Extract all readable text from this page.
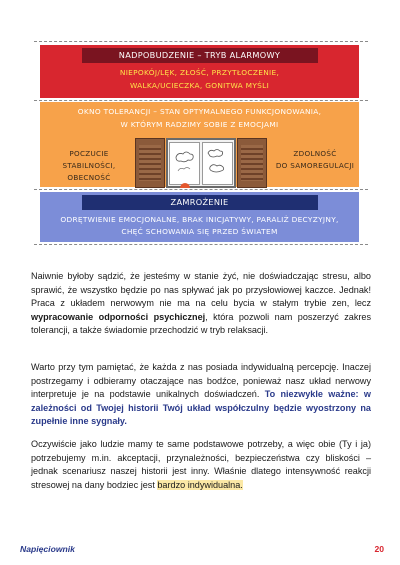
NADPOBUDZENIE – TRYB ALARMOWY
NIEPOKÓJ/LĘK, ZŁOŚĆ, PRZYTŁOCZENIE,
WALKA/UCIECZKA, GONITWA MYŚLI
OKNO TOLERANCJI – STAN OPTYMALNEGO FUNKCJONOWANIA,
W KTÓRYM RADZIMY SOBIE Z EMOCJAMI
POCZUCIE STABILNOŚCI,
OBECNOŚĆ
ZDOLNOŚĆ
DO SAMOREGULACJI
ZAMROŻENIE
ODRĘTWIENIE EMOCJONALNE, BRAK INICJATYWY, PARALIŻ DECYZYJNY,
CHĘĆ SCHOWANIA SIĘ PRZED ŚWIATEM
Naiwnie byłoby sądzić, że jesteśmy w stanie żyć, nie doświadczając stresu, albo sprawić, że wszystko będzie po nas spływać jak po przysłowiowej kaczce. Jednak! Praca z układem nerwowym nie ma na celu bycia w stałym trybie zen, lecz wypracowanie odporności psychicznej, która pozwoli nam poszerzyć zakres tolerancji, a także świadomie przechodzić w tryb relaksacji.
Warto przy tym pamiętać, że każda z nas posiada indywidualną percepcję. Inaczej postrzegamy i odbieramy otaczające nas bodźce, ponieważ nasz układ nerwowy interpretuje je na podstawie unikalnych doświadczeń. To niezwykle ważne: w zależności od Twojej historii Twój układ współczulny będzie wyostrzony na zupełnie inne sygnały.
Oczywiście jako ludzie mamy te same podstawowe potrzeby, a więc obie (Ty i ja) potrzebujemy m.in. akceptacji, przynależności, bezpieczeństwa czy bliskości – jednak scenariusz naszej historii jest inny. Właśnie dlatego intensywność reakcji stresowej na dany bodziec jest bardzo indywidualna.
Napięciownik	20
